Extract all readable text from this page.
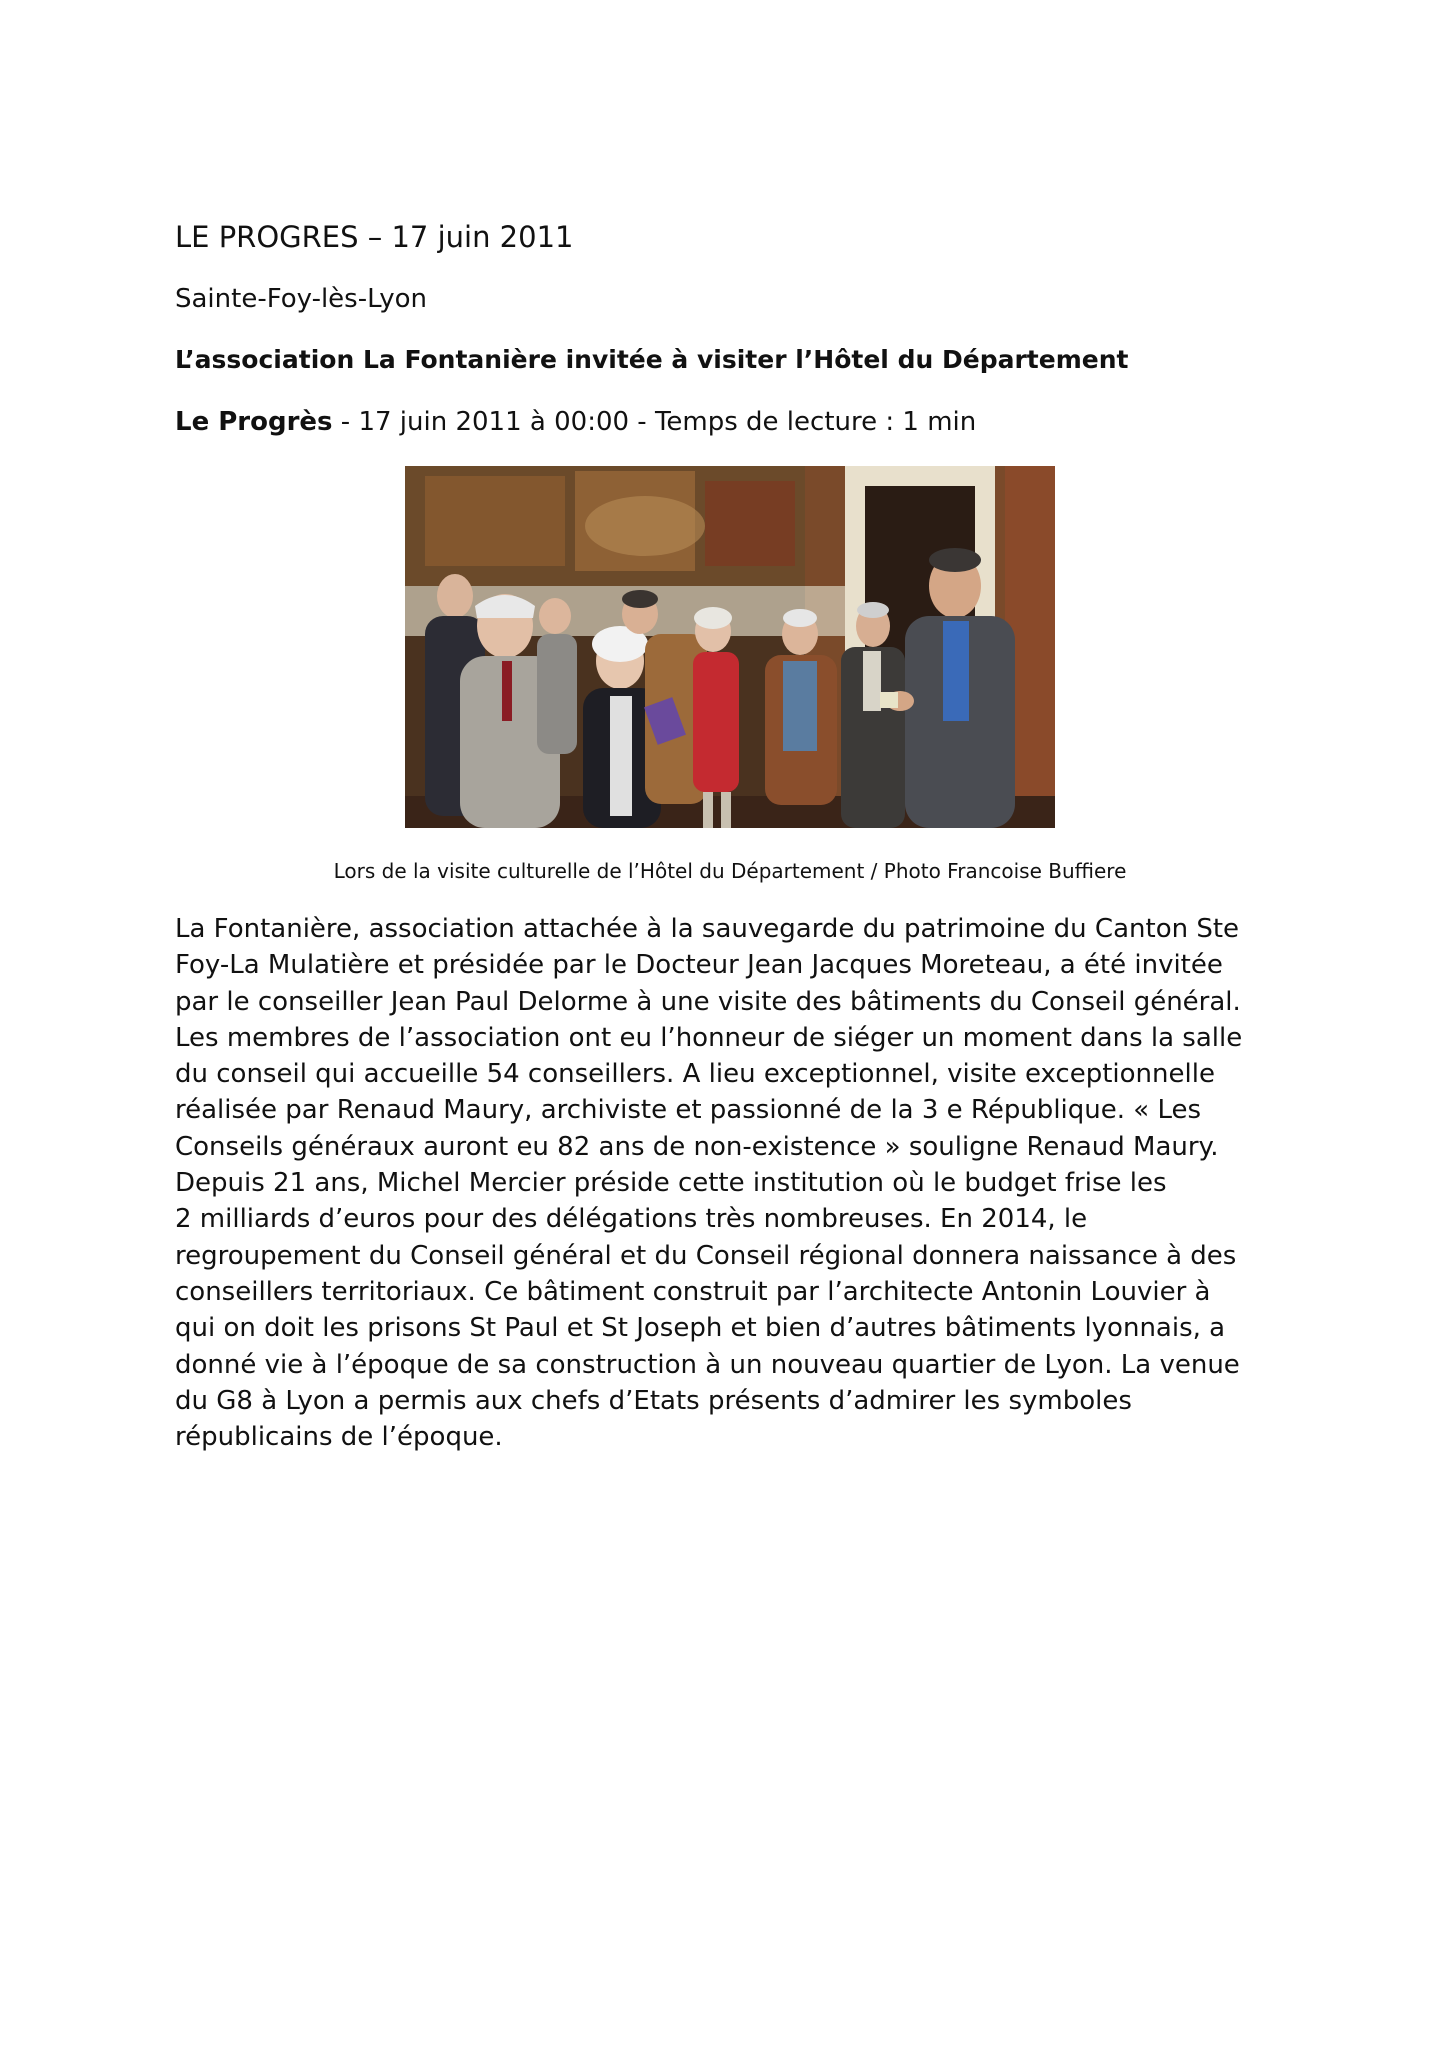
LE PROGRES – 17 juin 2011

Sainte-Foy-lès-Lyon

L’association La Fontanière invitée à visiter l’Hôtel du Département

Le Progrès - 17 juin 2011 à 00:00 - Temps de lecture : 1 min

Lors de la visite culturelle de l’Hôtel du Département / Photo Francoise Buffiere

La Fontanière, association attachée à la sauvegarde du patrimoine du Canton Ste
Foy-La Mulatière et présidée par le Docteur Jean Jacques Moreteau, a été invitée
par le conseiller Jean Paul Delorme à une visite des bâtiments du Conseil général.
Les membres de l’association ont eu l’honneur de siéger un moment dans la salle
du conseil qui accueille 54 conseillers. A lieu exceptionnel, visite exceptionnelle
réalisée par Renaud Maury, archiviste et passionné de la 3 e République. « Les
Conseils généraux auront eu 82 ans de non-existence » souligne Renaud Maury.
Depuis 21 ans, Michel Mercier préside cette institution où le budget frise les
2 milliards d’euros pour des délégations très nombreuses. En 2014, le
regroupement du Conseil général et du Conseil régional donnera naissance à des
conseillers territoriaux. Ce bâtiment construit par l’architecte Antonin Louvier à
qui on doit les prisons St Paul et St Joseph et bien d’autres bâtiments lyonnais, a
donné vie à l’époque de sa construction à un nouveau quartier de Lyon. La venue
du G8 à Lyon a permis aux chefs d’Etats présents d’admirer les symboles
républicains de l’époque.
